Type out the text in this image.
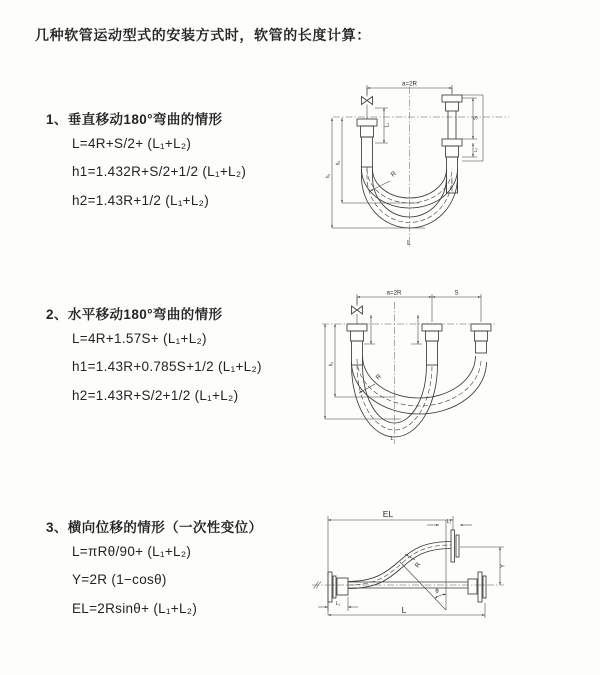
几种软管运动型式的安装方式时，软管的长度计算：
1、垂直移动180°弯曲的情形
L=4R+S/2+ (L₁+L₂)
h1=1.432R+S/2+1/2 (L₁+L₂)
h2=1.43R+1/2 (L₁+L₂)
2、水平移动180°弯曲的情形
L=4R+1.57S+ (L₁+L₂)
h1=1.43R+0.785S+1/2 (L₁+L₂)
h2=1.43R+S/2+1/2 (L₁+L₂)
3、横向位移的情形（一次性变位）
L=πRθ/90+ (L₁+L₂)
Y=2R (1−cosθ)
EL=2Rsinθ+ (L₁+L₂)
a=2R
L₁
S
L₂
h₁
h₂
R
L
a=2R	S
h₂
R
L
EL
L₂
Y
L₁
L
θ
R
